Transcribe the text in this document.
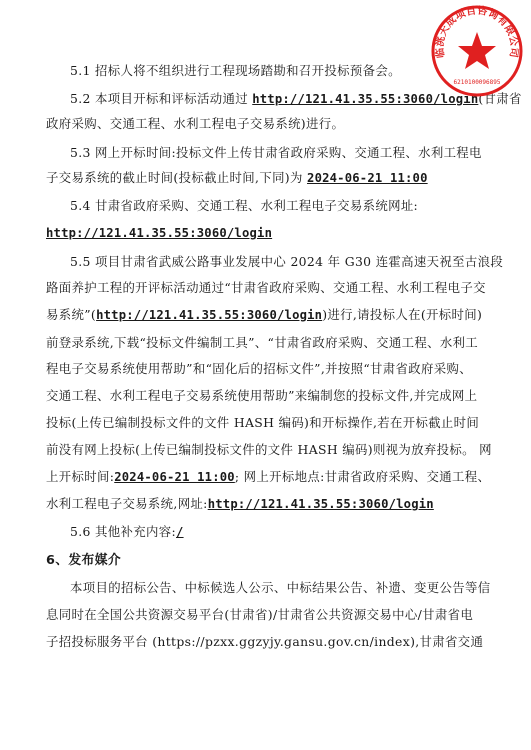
5.1 招标人将不组织进行工程现场踏勘和召开投标预备会。
5.2 本项目开标和评标活动通过 http://121.41.35.55:3060/login(甘肃省
政府采购、交通工程、水利工程电子交易系统)进行。
5.3 网上开标时间:投标文件上传甘肃省政府采购、交通工程、水利工程电
子交易系统的截止时间(投标截止时间,下同)为 2024-06-21 11:00
5.4 甘肃省政府采购、交通工程、水利工程电子交易系统网址:
http://121.41.35.55:3060/login
5.5 项目甘肃省武威公路事业发展中心 2024 年 G30 连霍高速天祝至古浪段
路面养护工程的开评标活动通过“甘肃省政府采购、交通工程、水利工程电子交
易系统”(http://121.41.35.55:3060/login)进行,请投标人在(开标时间)
前登录系统,下载“投标文件编制工具”、“甘肃省政府采购、交通工程、水利工
程电子交易系统使用帮助”和“固化后的招标文件”,并按照“甘肃省政府采购、
交通工程、水利工程电子交易系统使用帮助”来编制您的投标文件,并完成网上
投标(上传已编制投标文件的文件 HASH 编码)和开标操作,若在开标截止时间
前没有网上投标(上传已编制投标文件的文件 HASH 编码)则视为放弃投标。 网
上开标时间:2024-06-21 11:00; 网上开标地点:甘肃省政府采购、交通工程、
水利工程电子交易系统,网址:http://121.41.35.55:3060/login
5.6 其他补充内容:/
6、发布媒介
本项目的招标公告、中标候选人公示、中标结果公告、补遗、变更公告等信
息同时在全国公共资源交易平台(甘肃省)/甘肃省公共资源交易中心/甘肃省电
子招投标服务平台 (https://pzxx.ggzyjy.gansu.gov.cn/index),甘肃省交通
临洮天成项目咨询有限公司
6210100096895
